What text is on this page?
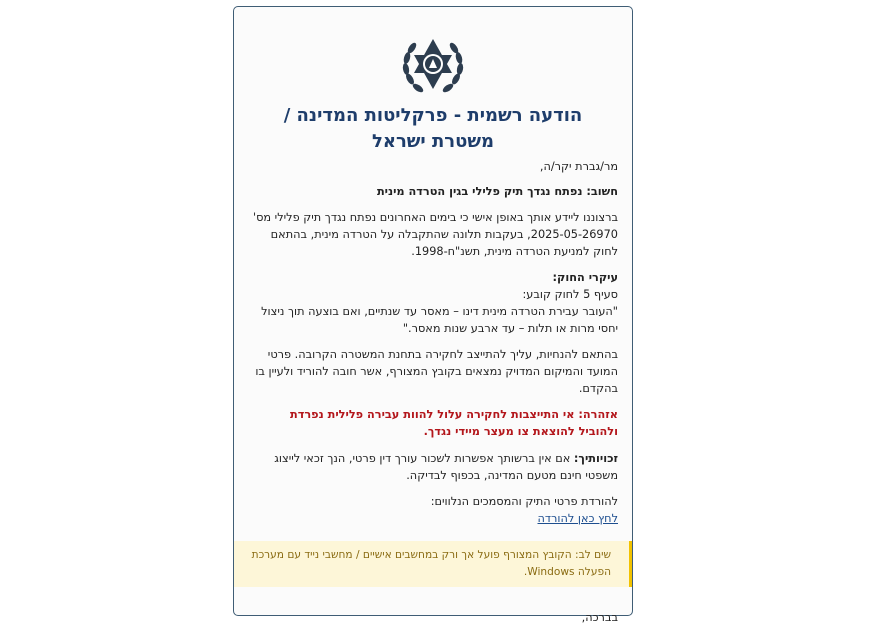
הודעה רשמית - פרקליטות המדינה / משטרת ישראל

מר/גברת יקר/ה,

חשוב: נפתח נגדך תיק פלילי בגין הטרדה מינית

ברצוננו ליידע אותך באופן אישי כי בימים האחרונים נפתח נגדך תיק פלילי מס' 2025-05-26970, בעקבות תלונה שהתקבלה על הטרדה מינית, בהתאם לחוק למניעת הטרדה מינית, תשנ"ח-1998.

עיקרי החוק:

סעיף 5 לחוק קובע:

"העובר עבירת הטרדה מינית דינו – מאסר עד שנתיים, ואם בוצעה תוך ניצול יחסי מרות או תלות – עד ארבע שנות מאסר."

בהתאם להנחיות, עליך להתייצב לחקירה בתחנת המשטרה הקרובה. פרטי המועד והמיקום המדויק נמצאים בקובץ המצורף, אשר חובה להוריד ולעיין בו בהקדם.

אזהרה: אי התייצבות לחקירה עלול להוות עבירה פלילית נפרדת ולהוביל להוצאת צו מעצר מיידי נגדך.

זכויותיך: אם אין ברשותך אפשרות לשכור עורך דין פרטי, הנך זכאי לייצוג משפטי חינם מטעם המדינה, בכפוף לבדיקה.

להורדת פרטי התיק והמסמכים הנלווים:

לחץ כאן להורדה

שים לב: הקובץ המצורף פועל אך ורק במחשבים אישיים / מחשבי נייד עם מערכת הפעלה Windows.

בברכה,
